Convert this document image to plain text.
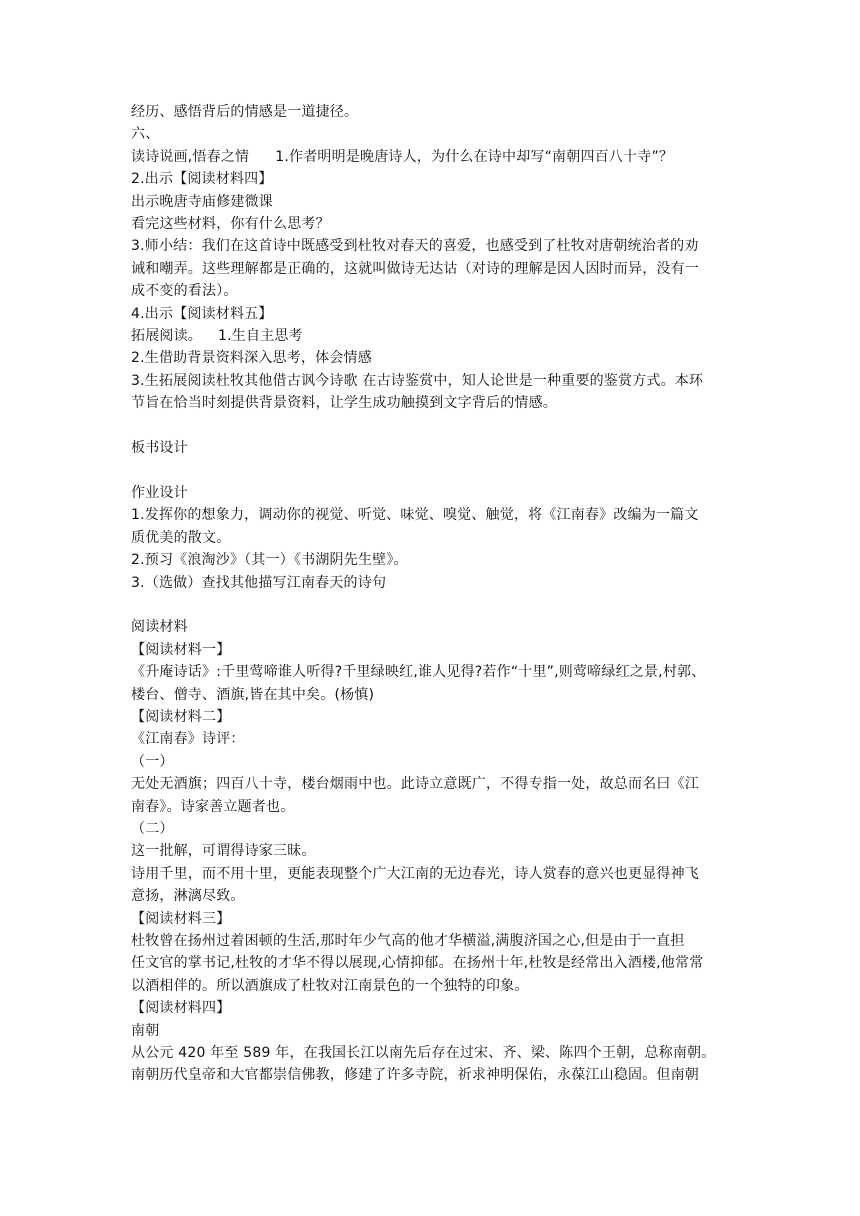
经历、感悟背后的情感是一道捷径。
六、
读诗说画,悟春之情 1.作者明明是晚唐诗人，为什么在诗中却写“南朝四百八十寺”？
2.出示【阅读材料四】
出示晚唐寺庙修建微课
看完这些材料，你有什么思考？
3.师小结：我们在这首诗中既感受到杜牧对春天的喜爱，也感受到了杜牧对唐朝统治者的劝
诫和嘲弄。这些理解都是正确的，这就叫做诗无达诂（对诗的理解是因人因时而异，没有一
成不变的看法）。
4.出示【阅读材料五】
拓展阅读。 1.生自主思考
2.生借助背景资料深入思考，体会情感
3.生拓展阅读杜牧其他借古讽今诗歌 在古诗鉴赏中，知人论世是一种重要的鉴赏方式。本环
节旨在恰当时刻提供背景资料，让学生成功触摸到文字背后的情感。
板书设计
作业设计
1.发挥你的想象力，调动你的视觉、听觉、味觉、嗅觉、触觉，将《江南春》改编为一篇文
质优美的散文。
2.预习《浪淘沙》（其一）《书湖阴先生壁》。
3.（选做）查找其他描写江南春天的诗句
阅读材料
【阅读材料一】
《升庵诗话》:千里莺啼谁人听得?千里绿映红,谁人见得?若作“十里”,则莺啼绿红之景,村郭、
楼台、僧寺、酒旗,皆在其中矣。(杨慎)
【阅读材料二】
《江南春》诗评：
（一）
无处无酒旗；四百八十寺，楼台烟雨中也。此诗立意既广，不得专指一处，故总而名曰《江
南春》。诗家善立题者也。
（二）
这一批解，可谓得诗家三昧。
诗用千里，而不用十里，更能表现整个广大江南的无边春光，诗人赏春的意兴也更显得神飞
意扬，淋漓尽致。
【阅读材料三】
杜牧曾在扬州过着困顿的生活,那时年少气高的他才华横溢,满腹济国之心,但是由于一直担
任文官的掌书记,杜牧的才华不得以展现,心情抑郁。在扬州十年,杜牧是经常出入酒楼,他常常
以酒相伴的。所以酒旗成了杜牧对江南景色的一个独特的印象。
【阅读材料四】
南朝
从公元 420 年至 589 年，在我国长江以南先后存在过宋、齐、梁、陈四个王朝，总称南朝。
南朝历代皇帝和大官都崇信佛教，修建了许多寺院，祈求神明保佑，永葆江山稳固。但南朝
